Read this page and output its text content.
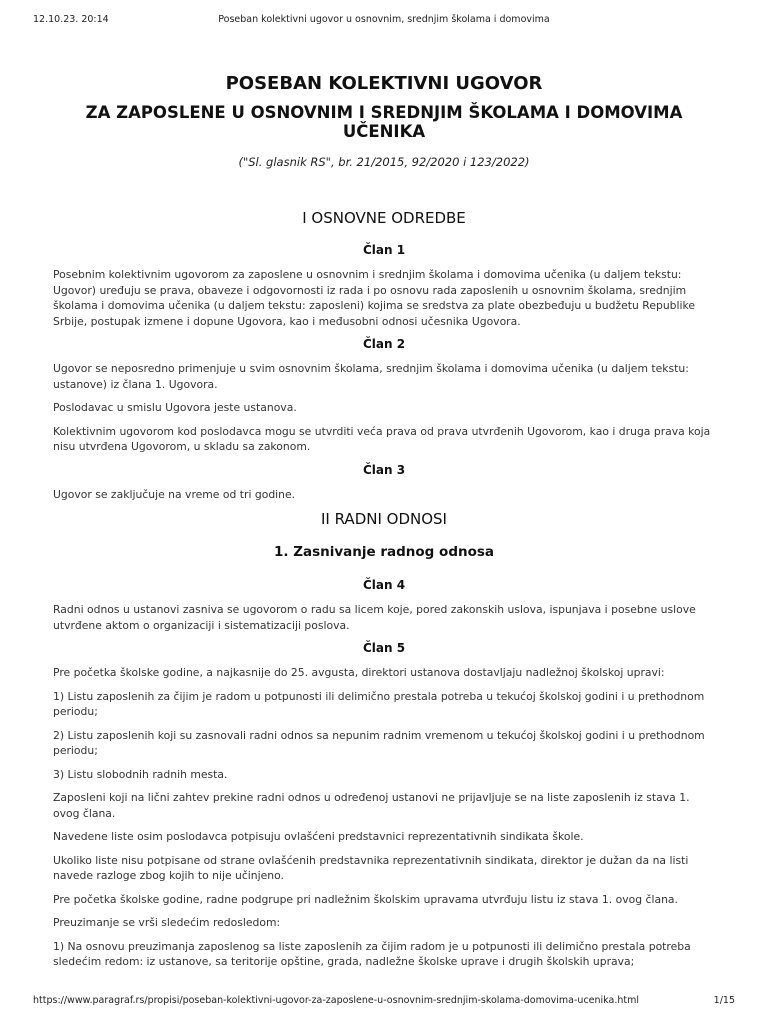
12.10.23. 20:14	Poseban kolektivni ugovor u osnovnim, srednjim školama i domovima
POSEBAN KOLEKTIVNI UGOVOR
ZA ZAPOSLENE U OSNOVNIM I SREDNJIM ŠKOLAMA I DOMOVIMA UČENIKA
("Sl. glasnik RS", br. 21/2015, 92/2020 i 123/2022)
I OSNOVNE ODREDBE
Član 1

Posebnim kolektivnim ugovorom za zaposlene u osnovnim i srednjim školama i domovima učenika (u daljem tekstu: Ugovor) uređuju se prava, obaveze i odgovornosti iz rada i po osnovu rada zaposlenih u osnovnim školama, srednjim školama i domovima učenika (u daljem tekstu: zaposleni) kojima se sredstva za plate obezbeđuju u budžetu Republike Srbije, postupak izmene i dopune Ugovora, kao i međusobni odnosi učesnika Ugovora.

Član 2

Ugovor se neposredno primenjuje u svim osnovnim školama, srednjim školama i domovima učenika (u daljem tekstu: ustanove) iz člana 1. Ugovora.

Poslodavac u smislu Ugovora jeste ustanova.

Kolektivnim ugovorom kod poslodavca mogu se utvrditi veća prava od prava utvrđenih Ugovorom, kao i druga prava koja nisu utvrđena Ugovorom, u skladu sa zakonom.

Član 3

Ugovor se zaključuje na vreme od tri godine.

II RADNI ODNOSI
1. Zasnivanje radnog odnosa
Član 4

Radni odnos u ustanovi zasniva se ugovorom o radu sa licem koje, pored zakonskih uslova, ispunjava i posebne uslove utvrđene aktom o organizaciji i sistematizaciji poslova.

Član 5

Pre početka školske godine, a najkasnije do 25. avgusta, direktori ustanova dostavljaju nadležnoj školskoj upravi:

1) Listu zaposlenih za čijim je radom u potpunosti ili delimično prestala potreba u tekućoj školskoj godini i u prethodnom periodu;

2) Listu zaposlenih koji su zasnovali radni odnos sa nepunim radnim vremenom u tekućoj školskoj godini i u prethodnom periodu;

3) Listu slobodnih radnih mesta.

Zaposleni koji na lični zahtev prekine radni odnos u određenoj ustanovi ne prijavljuje se na liste zaposlenih iz stava 1. ovog člana.

Navedene liste osim poslodavca potpisuju ovlašćeni predstavnici reprezentativnih sindikata škole.

Ukoliko liste nisu potpisane od strane ovlašćenih predstavnika reprezentativnih sindikata, direktor je dužan da na listi navede razloge zbog kojih to nije učinjeno.

Pre početka školske godine, radne podgrupe pri nadležnim školskim upravama utvrđuju listu iz stava 1. ovog člana.

Preuzimanje se vrši sledećim redosledom:

1) Na osnovu preuzimanja zaposlenog sa liste zaposlenih za čijim radom je u potpunosti ili delimično prestala potreba sledećim redom: iz ustanove, sa teritorije opštine, grada, nadležne školske uprave i drugih školskih uprava;

https://www.paragraf.rs/propisi/poseban-kolektivni-ugovor-za-zaposlene-u-osnovnim-srednjim-skolama-domovima-ucenika.html	1/15
